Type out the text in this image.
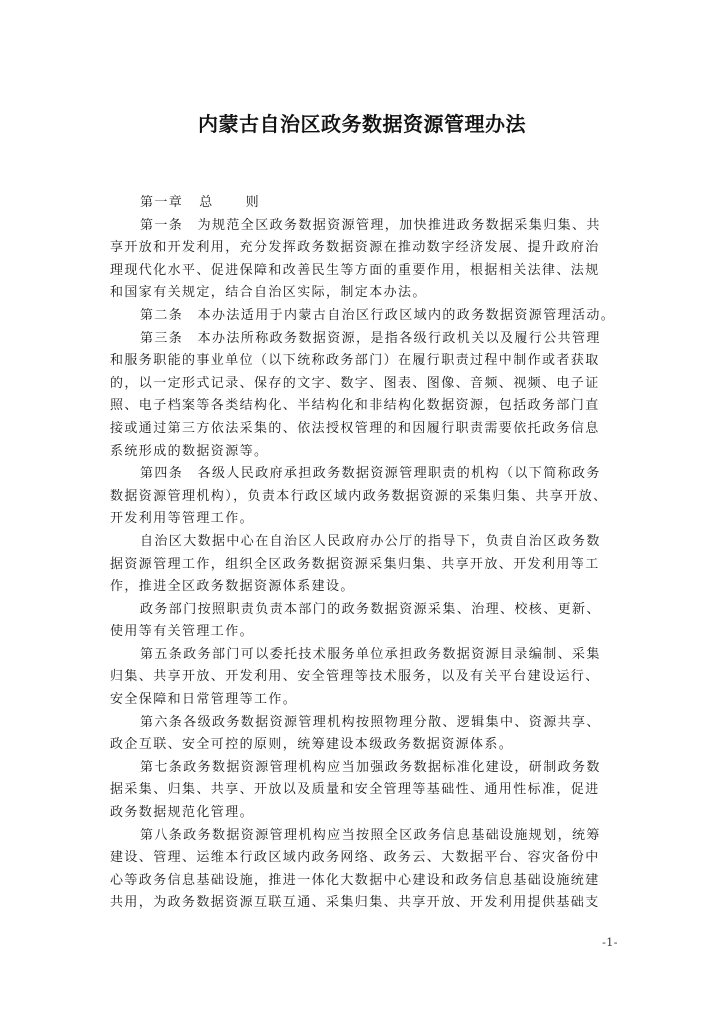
内蒙古自治区政务数据资源管理办法
第一章 总 则
第一条　为规范全区政务数据资源管理，加快推进政务数据采集归集、共
享开放和开发利用，充分发挥政务数据资源在推动数字经济发展、提升政府治
理现代化水平、促进保障和改善民生等方面的重要作用，根据相关法律、法规
和国家有关规定，结合自治区实际，制定本办法。
第二条　本办法适用于内蒙古自治区行政区域内的政务数据资源管理活动。
第三条　本办法所称政务数据资源，是指各级行政机关以及履行公共管理
和服务职能的事业单位（以下统称政务部门）在履行职责过程中制作或者获取
的，以一定形式记录、保存的文字、数字、图表、图像、音频、视频、电子证
照、电子档案等各类结构化、半结构化和非结构化数据资源，包括政务部门直
接或通过第三方依法采集的、依法授权管理的和因履行职责需要依托政务信息
系统形成的数据资源等。
第四条　各级人民政府承担政务数据资源管理职责的机构（以下简称政务
数据资源管理机构），负责本行政区域内政务数据资源的采集归集、共享开放、
开发利用等管理工作。
自治区大数据中心在自治区人民政府办公厅的指导下，负责自治区政务数
据资源管理工作，组织全区政务数据资源采集归集、共享开放、开发利用等工
作，推进全区政务数据资源体系建设。
政务部门按照职责负责本部门的政务数据资源采集、治理、校核、更新、
使用等有关管理工作。
第五条政务部门可以委托技术服务单位承担政务数据资源目录编制、采集
归集、共享开放、开发利用、安全管理等技术服务，以及有关平台建设运行、
安全保障和日常管理等工作。
第六条各级政务数据资源管理机构按照物理分散、逻辑集中、资源共享、
政企互联、安全可控的原则，统筹建设本级政务数据资源体系。
第七条政务数据资源管理机构应当加强政务数据标准化建设，研制政务数
据采集、归集、共享、开放以及质量和安全管理等基础性、通用性标准，促进
政务数据规范化管理。
第八条政务数据资源管理机构应当按照全区政务信息基础设施规划，统筹
建设、管理、运维本行政区域内政务网络、政务云、大数据平台、容灾备份中
心等政务信息基础设施，推进一体化大数据中心建设和政务信息基础设施统建
共用，为政务数据资源互联互通、采集归集、共享开放、开发利用提供基础支
-1-
